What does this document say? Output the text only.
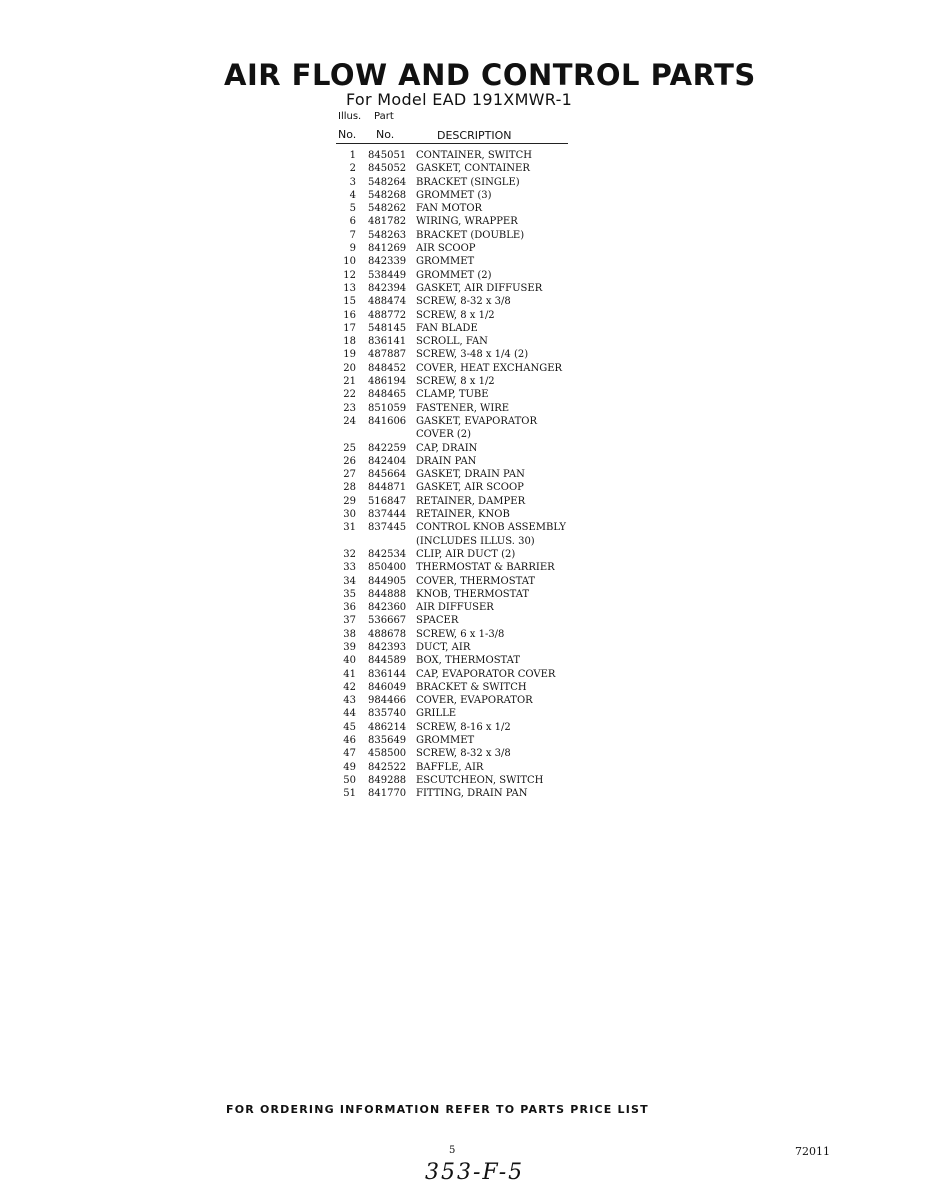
AIR FLOW AND CONTROL PARTS
For Model EAD 191XMWR-1
Illus. Part
No. No.	DESCRIPTION
1 845051 CONTAINER, SWITCH
2 845052 GASKET, CONTAINER
3 548264 BRACKET (SINGLE)
4 548268 GROMMET (3)
5 548262 FAN MOTOR
6 481782 WIRING, WRAPPER
7 548263 BRACKET (DOUBLE)
9 841269 AIR SCOOP
10 842339 GROMMET
12 538449 GROMMET (2)
13 842394 GASKET, AIR DIFFUSER
15 488474 SCREW, 8-32 x 3/8
16 488772 SCREW, 8 x 1/2
17 548145 FAN BLADE
18 836141 SCROLL, FAN
19 487887 SCREW, 3-48 x 1/4 (2)
20 848452 COVER, HEAT EXCHANGER
21 486194 SCREW, 8 x 1/2
22 848465 CLAMP, TUBE
23 851059 FASTENER, WIRE
24 841606 GASKET, EVAPORATOR
COVER (2)
25 842259 CAP, DRAIN
26 842404 DRAIN PAN
27 845664 GASKET, DRAIN PAN
28 844871 GASKET, AIR SCOOP
29 516847 RETAINER, DAMPER
30 837444 RETAINER, KNOB
31 837445 CONTROL KNOB ASSEMBLY
(INCLUDES ILLUS. 30)
32 842534 CLIP, AIR DUCT (2)
33 850400 THERMOSTAT & BARRIER
34 844905 COVER, THERMOSTAT
35 844888 KNOB, THERMOSTAT
36 842360 AIR DIFFUSER
37 536667 SPACER
38 488678 SCREW, 6 x 1-3/8
39 842393 DUCT, AIR
40 844589 BOX, THERMOSTAT
41 836144 CAP, EVAPORATOR COVER
42 846049 BRACKET & SWITCH
43 984466 COVER, EVAPORATOR
44 835740 GRILLE
45 486214 SCREW, 8-16 x 1/2
46 835649 GROMMET
47 458500 SCREW, 8-32 x 3/8
49 842522 BAFFLE, AIR
50 849288 ESCUTCHEON, SWITCH
51 841770 FITTING, DRAIN PAN
FOR ORDERING INFORMATION REFER TO PARTS PRICE LIST
5	72011
353-F-5
